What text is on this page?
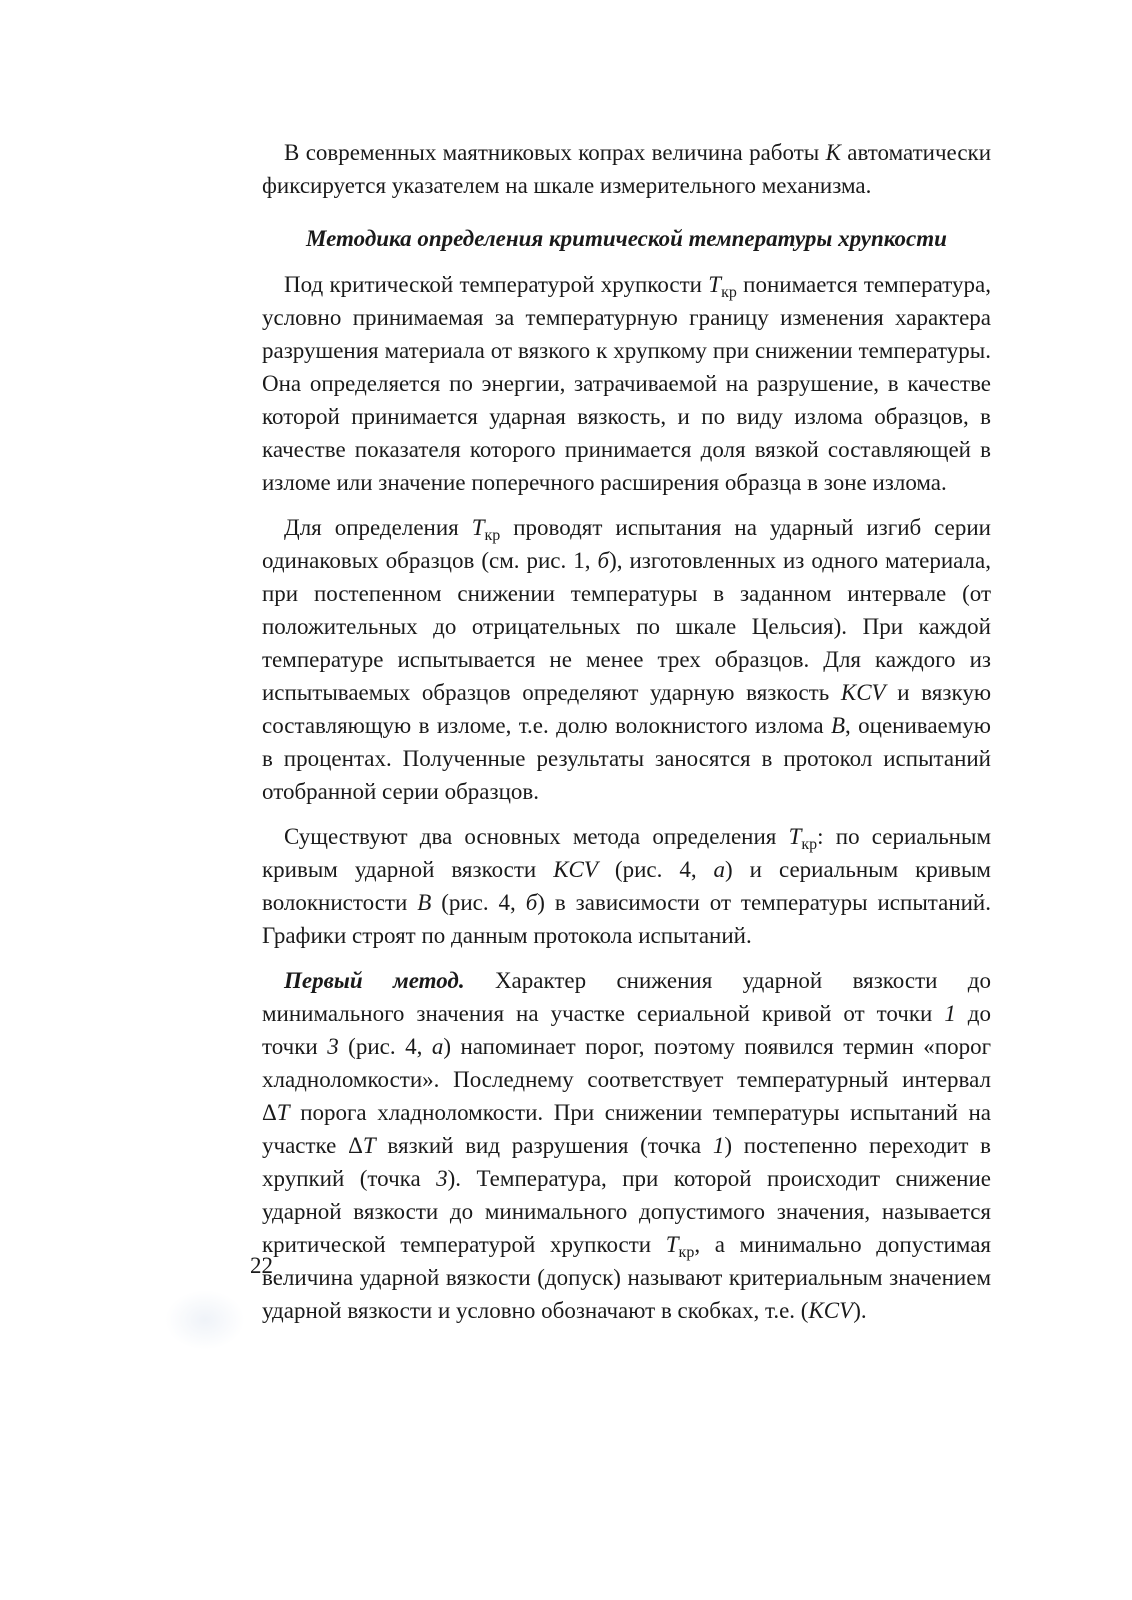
В современных маятниковых копрах величина работы K автоматически фиксируется указателем на шкале измерительного механизма.

Методика определения критической температуры хрупкости

Под критической температурой хрупкости $T_{кр}$ понимается температура, условно принимаемая за температурную границу изменения характера разрушения материала от вязкого к хрупкому при снижении температуры. Она определяется по энергии, затрачиваемой на разрушение, в качестве которой принимается ударная вязкость, и по виду излома образцов, в качестве показателя которого принимается доля вязкой составляющей в изломе или значение поперечного расширения образца в зоне излома.

Для определения $T_{кр}$ проводят испытания на ударный изгиб серии одинаковых образцов (см. рис. 1, б), изготовленных из одного материала, при постепенном снижении температуры в заданном интервале (от положительных до отрицательных по шкале Цельсия). При каждой температуре испытывается не менее трех образцов. Для каждого из испытываемых образцов определяют ударную вязкость KCV и вязкую составляющую в изломе, т.е. долю волокнистого излома B, оцениваемую в процентах. Полученные результаты заносятся в протокол испытаний отобранной серии образцов.

Существуют два основных метода определения $T_{кр}$: по сериальным кривым ударной вязкости KCV (рис. 4, а) и сериальным кривым волокнистости B (рис. 4, б) в зависимости от температуры испытаний. Графики строят по данным протокола испытаний.

Первый метод. Характер снижения ударной вязкости до минимального значения на участке сериальной кривой от точки 1 до точки 3 (рис. 4, а) напоминает порог, поэтому появился термин «порог хладноломкости». Последнему соответствует температурный интервал ΔT порога хладноломкости. При снижении температуры испытаний на участке ΔT вязкий вид разрушения (точка 1) постепенно переходит в хрупкий (точка 3). Температура, при которой происходит снижение ударной вязкости до минимального допустимого значения, называется критической температурой хрупкости $T_{кр}$, а минимально допустимая величина ударной вязкости (допуск) называют критериальным значением ударной вязкости и условно обозначают в скобках, т.е. (KCV).

22
